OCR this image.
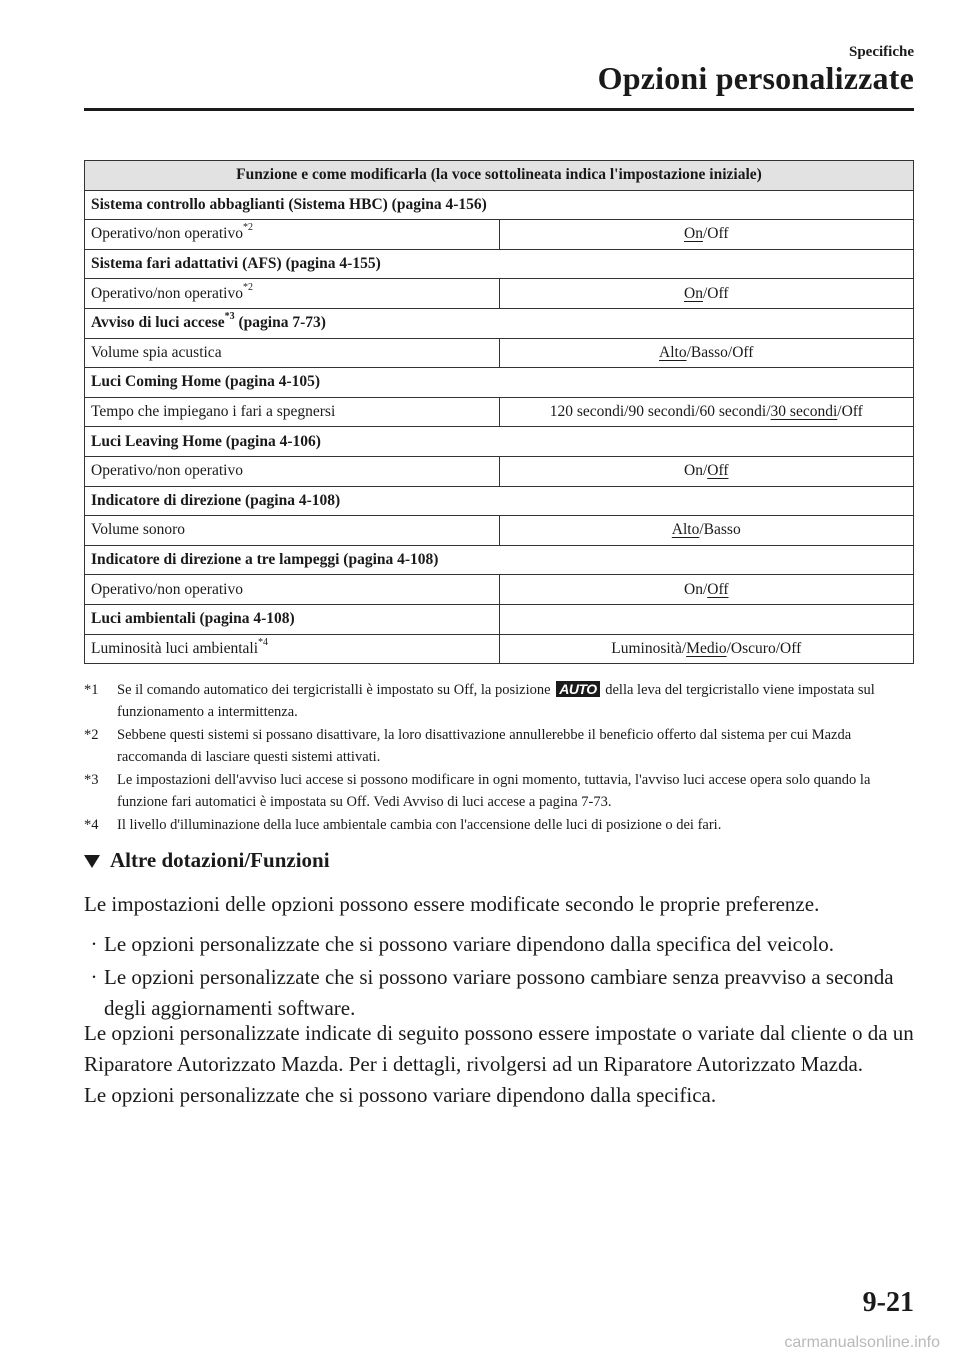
Specifiche
Opzioni personalizzate
Funzione e come modificarla (la voce sottolineata indica l'impostazione iniziale)	
Sistema controllo abbaglianti (Sistema HBC) (pagina 4-156)	
Operativo/non operativo$^{*2}$	On/Off
Sistema fari adattativi (AFS) (pagina 4-155)	
Operativo/non operativo$^{*2}$	On/Off
Avviso di luci accese$^{*3}$ (pagina 7-73)	
Volume spia acustica	Alto/Basso/Off
Luci Coming Home (pagina 4-105)	
Tempo che impiegano i fari a spegnersi	120 secondi/90 secondi/60 secondi/30 secondi/Off
Luci Leaving Home (pagina 4-106)	
Operativo/non operativo	On/Off
Indicatore di direzione (pagina 4-108)	
Volume sonoro	Alto/Basso
Indicatore di direzione a tre lampeggi (pagina 4-108)	
Operativo/non operativo	On/Off
Luci ambientali (pagina 4-108)	
Luminosità luci ambientali$^{*4}$	Luminosità/Medio/Oscuro/Off
*1	Se il comando automatico dei tergicristalli è impostato su Off, la posizione AUTO della leva del tergicristallo viene impostata sul funzionamento a intermittenza.
*2	Sebbene questi sistemi si possano disattivare, la loro disattivazione annullerebbe il beneficio offerto dal sistema per cui Mazda raccomanda di lasciare questi sistemi attivati.
*3	Le impostazioni dell'avviso luci accese si possono modificare in ogni momento, tuttavia, l'avviso luci accese opera solo quando la funzione fari automatici è impostata su Off. Vedi Avviso di luci accese a pagina 7-73.
*4	Il livello d'illuminazione della luce ambientale cambia con l'accensione delle luci di posizione o dei fari.
Altre dotazioni/Funzioni
Le impostazioni delle opzioni possono essere modificate secondo le proprie preferenze.
· Le opzioni personalizzate che si possono variare dipendono dalla specifica del veicolo.
· Le opzioni personalizzate che si possono variare possono cambiare senza preavviso a seconda degli aggiornamenti software.
Le opzioni personalizzate indicate di seguito possono essere impostate o variate dal cliente o da un Riparatore Autorizzato Mazda. Per i dettagli, rivolgersi ad un Riparatore Autorizzato Mazda.
Le opzioni personalizzate che si possono variare dipendono dalla specifica.
9-21
carmanualsonline.info
